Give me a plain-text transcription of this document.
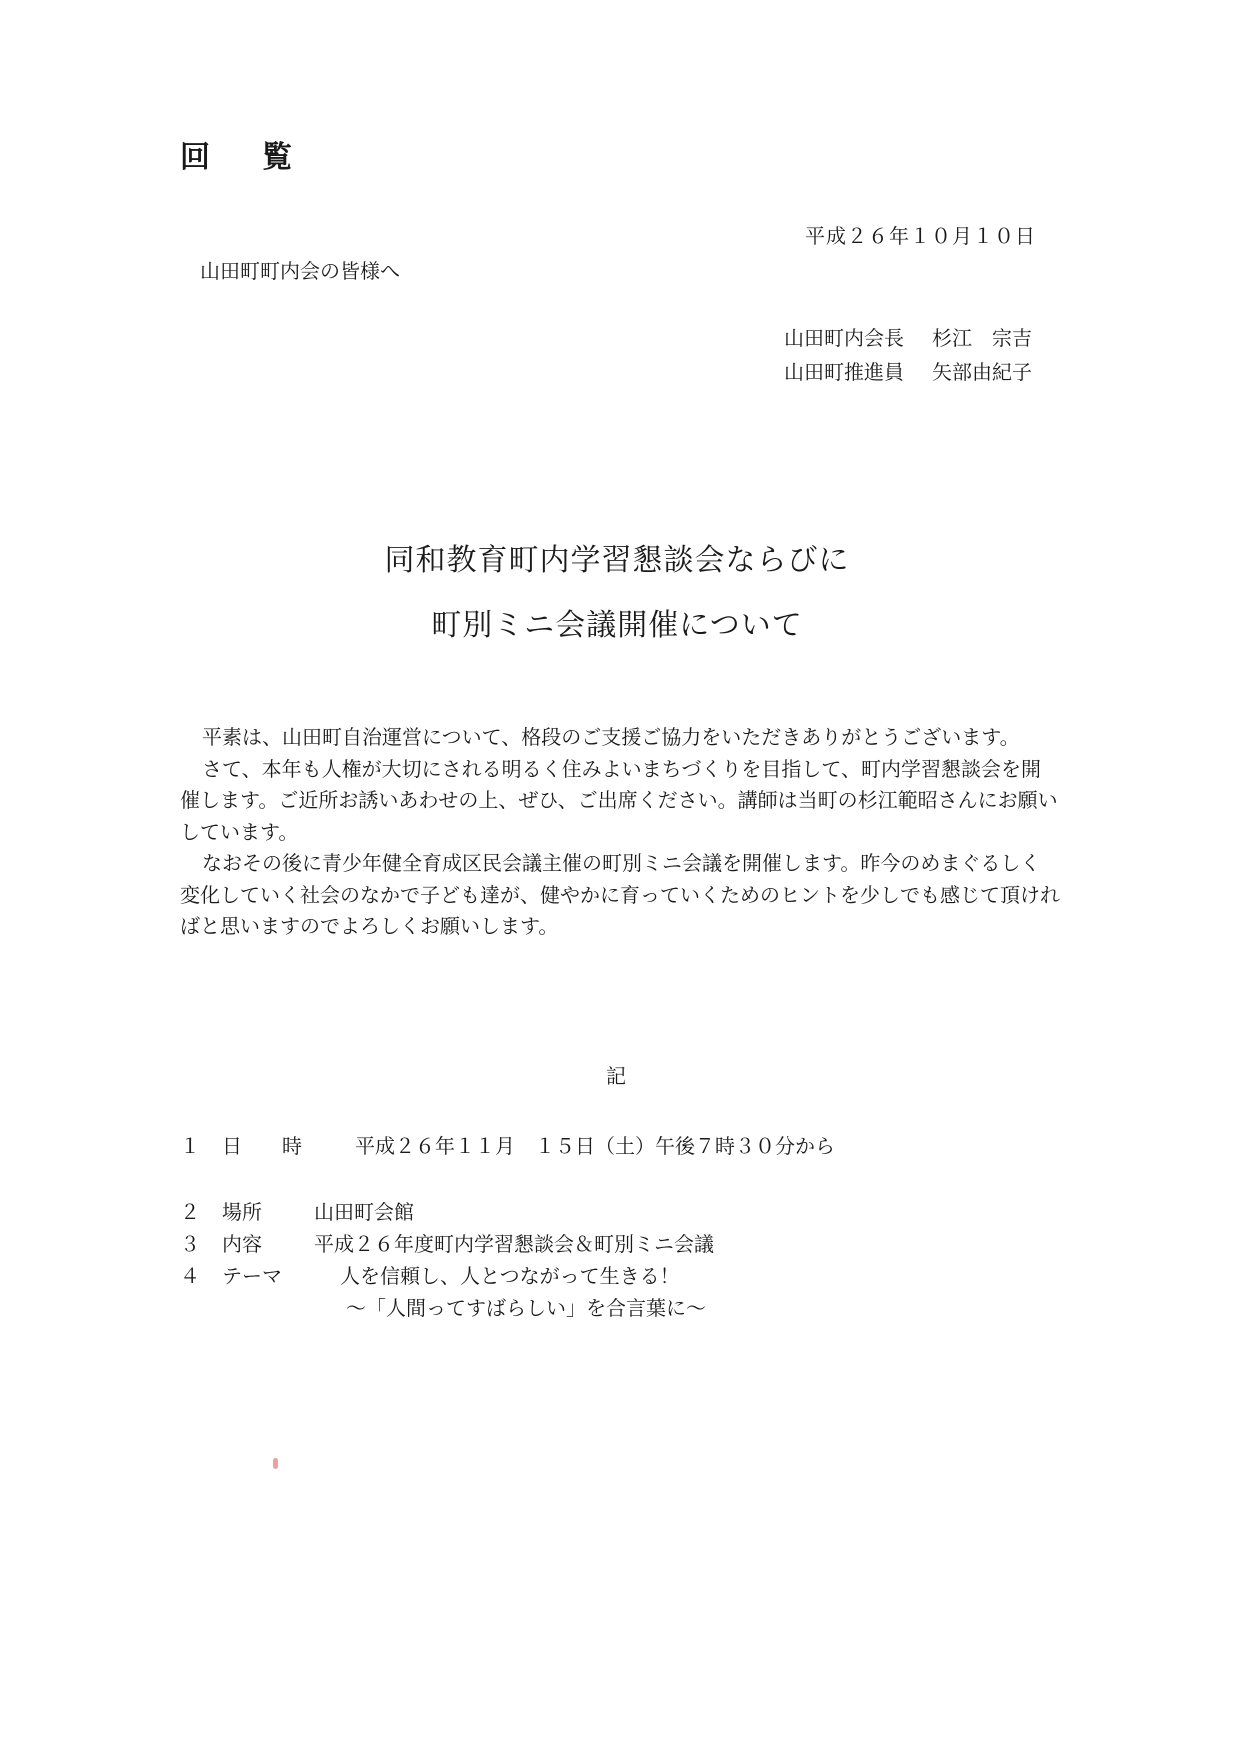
回覧
平成２６年１０月１０日
山田町町内会の皆様へ
山田町内会長 杉江　宗吉
山田町推進員 矢部由紀子
同和教育町内学習懇談会ならびに
町別ミニ会議開催について

平素は、山田町自治運営について、格段のご支援ご協力をいただきありがとうございます。

さて、本年も人権が大切にされる明るく住みよいまちづくりを目指して、町内学習懇談会を開催します。ご近所お誘いあわせの上、ぜひ、ご出席ください。講師は当町の杉江範昭さんにお願いしています。

なおその後に青少年健全育成区民会議主催の町別ミニ会議を開催します。昨今のめまぐるしく変化していく社会のなかで子ども達が、健やかに育っていくためのヒントを少しでも感じて頂ければと思いますのでよろしくお願いします。

記
１ 日　　時	平成２６年１１月　１５日（土）午後７時３０分から
２ 場所	山田町会館
３ 内容	平成２６年度町内学習懇談会＆町別ミニ会議
４ テーマ	人を信頼し、人とつながって生きる！
～「人間ってすばらしい」を合言葉に～
